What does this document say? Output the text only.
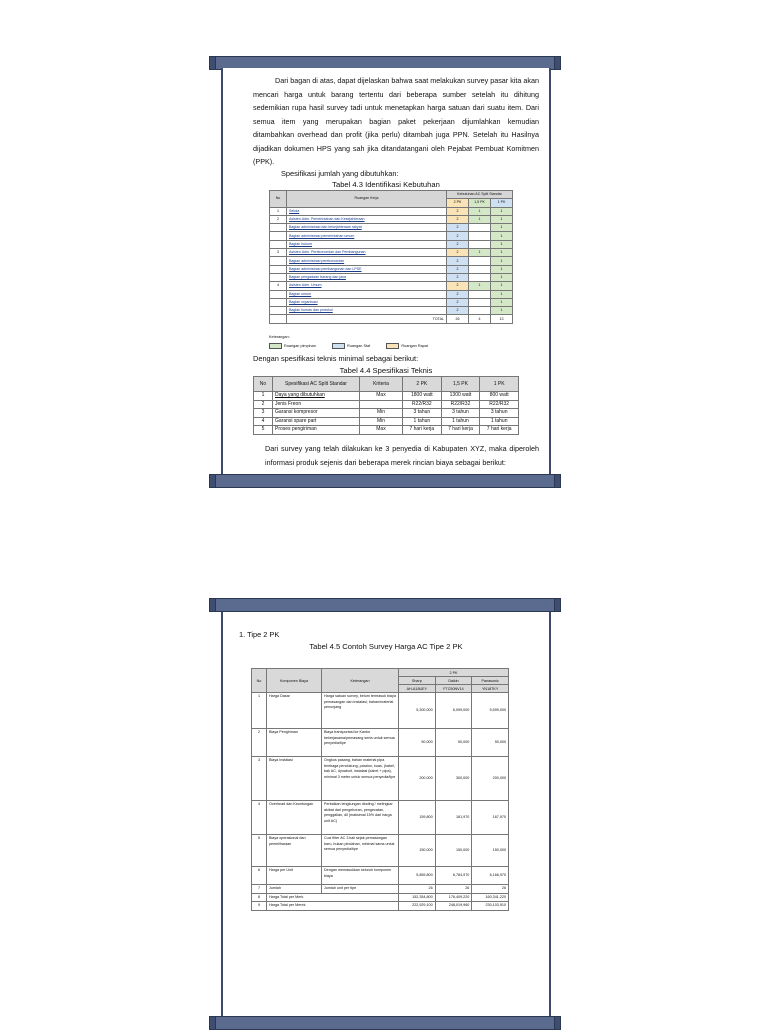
Dari bagan di atas, dapat dijelaskan bahwa saat melakukan survey pasar kita akan mencari harga untuk barang tertentu dari beberapa sumber setelah itu dihitung sedemikian rupa hasil survey tadi untuk menetapkan harga satuan dari suatu item. Dari semua item yang merupakan bagian paket pekerjaan dijumlahkan kemudian ditambahkan overhead dan profit (jika perlu) ditambah juga PPN. Setelah itu Hasilnya dijadikan dokumen HPS yang sah jika ditandatangani oleh Pejabat Pembuat Komitmen (PPK).

Spesifikasi jumlah yang dibutuhkan:
Tabel 4.3 Identifikasi Kebutuhan
No	Ruangan Kerja	Kebutuhan AC Split Standar		
		2 PK	1,5 PK	1 PK
1	Sekda	2	1	1
2	Asisten Adm. Pemerintahan dan Kesejahteraan	2	1	1
	Bagian administrasi dan kesejahteraan rakyat	2		1
	Bagian administrasi pemerintahan umum	2		1
	Bagian hukum	2		1
3	Asisten Adm. Perekonomian dan Pembangunan	2	1	1
	Bagian administrasi perekonomian	2		1
	Bagian administrasi pembangunan dan LPSE	2		1
	Bagian pengadaan barang dan jasa	2		1
4	Asisten Adm. Umum	2	1	1
	Bagian umum	2		1
	Bagian organisasi	2		1
	Bagian humas dan protokol	2		1
	TOTAL	26	4	13
Keterangan:
Ruangan pimpinan	Ruangan Staf	Ruangan Rapat
Dengan spesifikasi teknis minimal sebagai berikut:
Tabel 4.4 Spesifikasi Teknis
No	Spesifikasi AC Split Standar	Kriteria	2 PK	1,5 PK	1 PK
1	Daya yang dibutuhkan	Max	1800 watt	1300 watt	800 watt
2	Jenis Freon		R22/R32	R22/R32	R22/R32
3	Garansi kompresor	Min	3 tahun	3 tahun	3 tahun
4	Garansi spare part	Min	1 tahun	1 tahun	1 tahun
5	Proses pengiriman	Max	7 hari kerja	7 hari kerja	7 hari kerja

Dari survey yang telah dilakukan ke 3 penyedia di Kabupaten XYZ, maka diperoleh informasi produk sejenis dari beberapa merek rincian biaya sebagai berikut:

1. Tipe 2 PK
Tabel 4.5 Contoh Survey Harga AC Tipe 2 PK
No	Komponen Biaya	Keterangan	2 PK		
			Sharp	Daikin	Panasonic
			AH-A18UEY	FTC50NV14	YN18TKY
1	Harga Dasar	Harga satuan survey, belum termasuk biaya pemasangan dan instalasi, bahan/material penunjang	5,300,000	6,099,000	5,599,000
2	Biaya Pengiriman	Biaya transportasi ke Kantor bekerjasama/pemasang serta untuk semua penyedia/tipe	50,000	50,000	50,000
3	Biaya Instalasi	Ongkos pasang, bahan material pipa tembaga pendukung, paralon, kuas, (kabel, bak AC, dynabolt, instalasi (kabel + pipa), minimal 3 meter untuk semua penyedia/tipe	200,000	300,000	200,000
4	Overhead dan Keuntungan	Perbaikan lengkungan dinding / melingkar akibat dari pengeboran, pengecatan, penggalian, dll (maksimal 15% dari harga unit AC)	159,800	181,970	167,970
5	Biaya operasional dan pemeliharaan	Cuci filter AC 3 kali sejak pemasangan baru, bukan pindahan, minimal sama untuk semua penyedia/tipe	150,000	150,000	150,000
6	Harga per Unit	Dengan memasukkan seluruh komponen biaya	5,859,800	6,784,970	6,166,970
7	Jumlah	Jumlah unit per tipe	26	26	26
8	Harga Total per Merk		152,354,800	176,409,220	160,341,220
9	Harga Total per Merek		222,929,100	248,019,960	230,103,910
